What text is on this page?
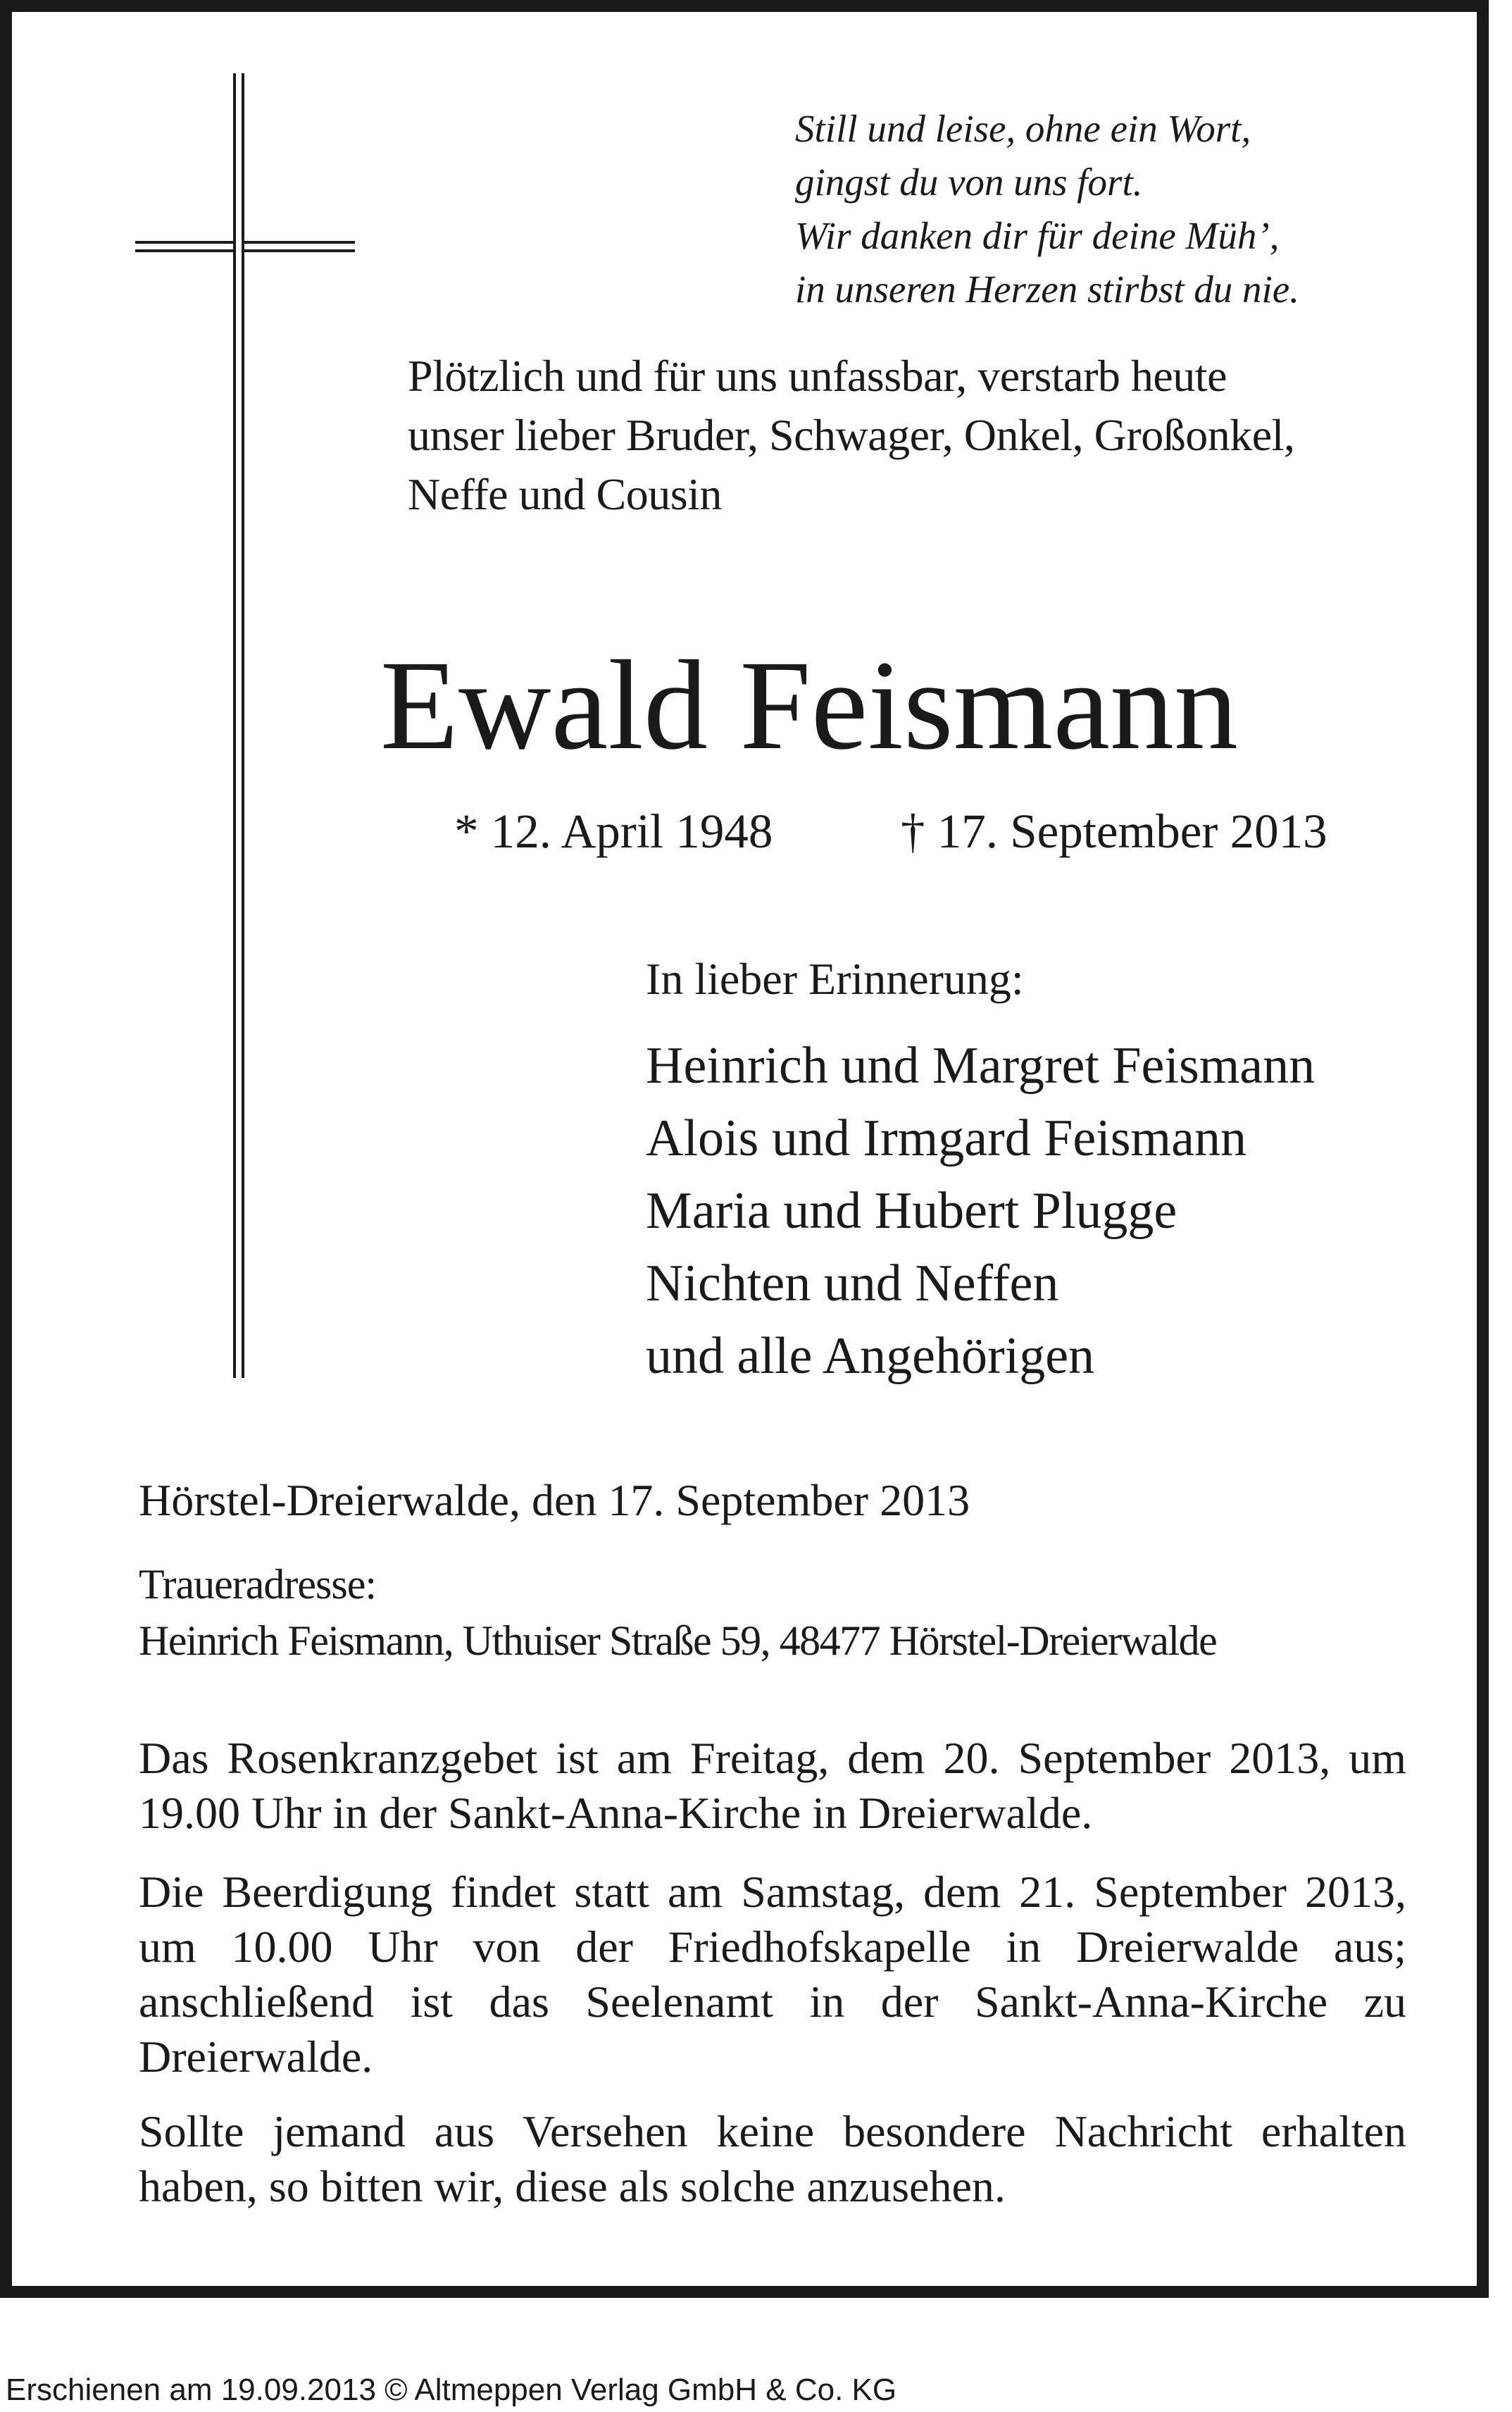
Still und leise, ohne ein Wort,
gingst du von uns fort.
Wir danken dir für deine Müh’,
in unseren Herzen stirbst du nie.
Plötzlich und für uns unfassbar, verstarb heute
unser lieber Bruder, Schwager, Onkel, Großonkel,
Neffe und Cousin
Ewald Feismann
* 12. April 1948	† 17. September 2013
In lieber Erinnerung:
Heinrich und Margret Feismann
Alois und Irmgard Feismann
Maria und Hubert Plugge
Nichten und Neffen
und alle Angehörigen
Hörstel-Dreierwalde, den 17. September 2013
Traueradresse:
Heinrich Feismann, Uthuiser Straße 59, 48477 Hörstel-Dreierwalde

Das Rosenkranzgebet ist am Freitag, dem 20. September 2013, um 19.00 Uhr in der Sankt-Anna-Kirche in Dreierwalde.

Die Beerdigung findet statt am Samstag, dem 21. September 2013, um 10.00 Uhr von der Friedhofskapelle in Dreierwalde aus; anschließend ist das Seelenamt in der Sankt-Anna-Kirche zu Dreierwalde.

Sollte jemand aus Versehen keine besondere Nachricht erhalten haben, so bitten wir, diese als solche anzusehen.

Erschienen am 19.09.2013 © Altmeppen Verlag GmbH & Co. KG
